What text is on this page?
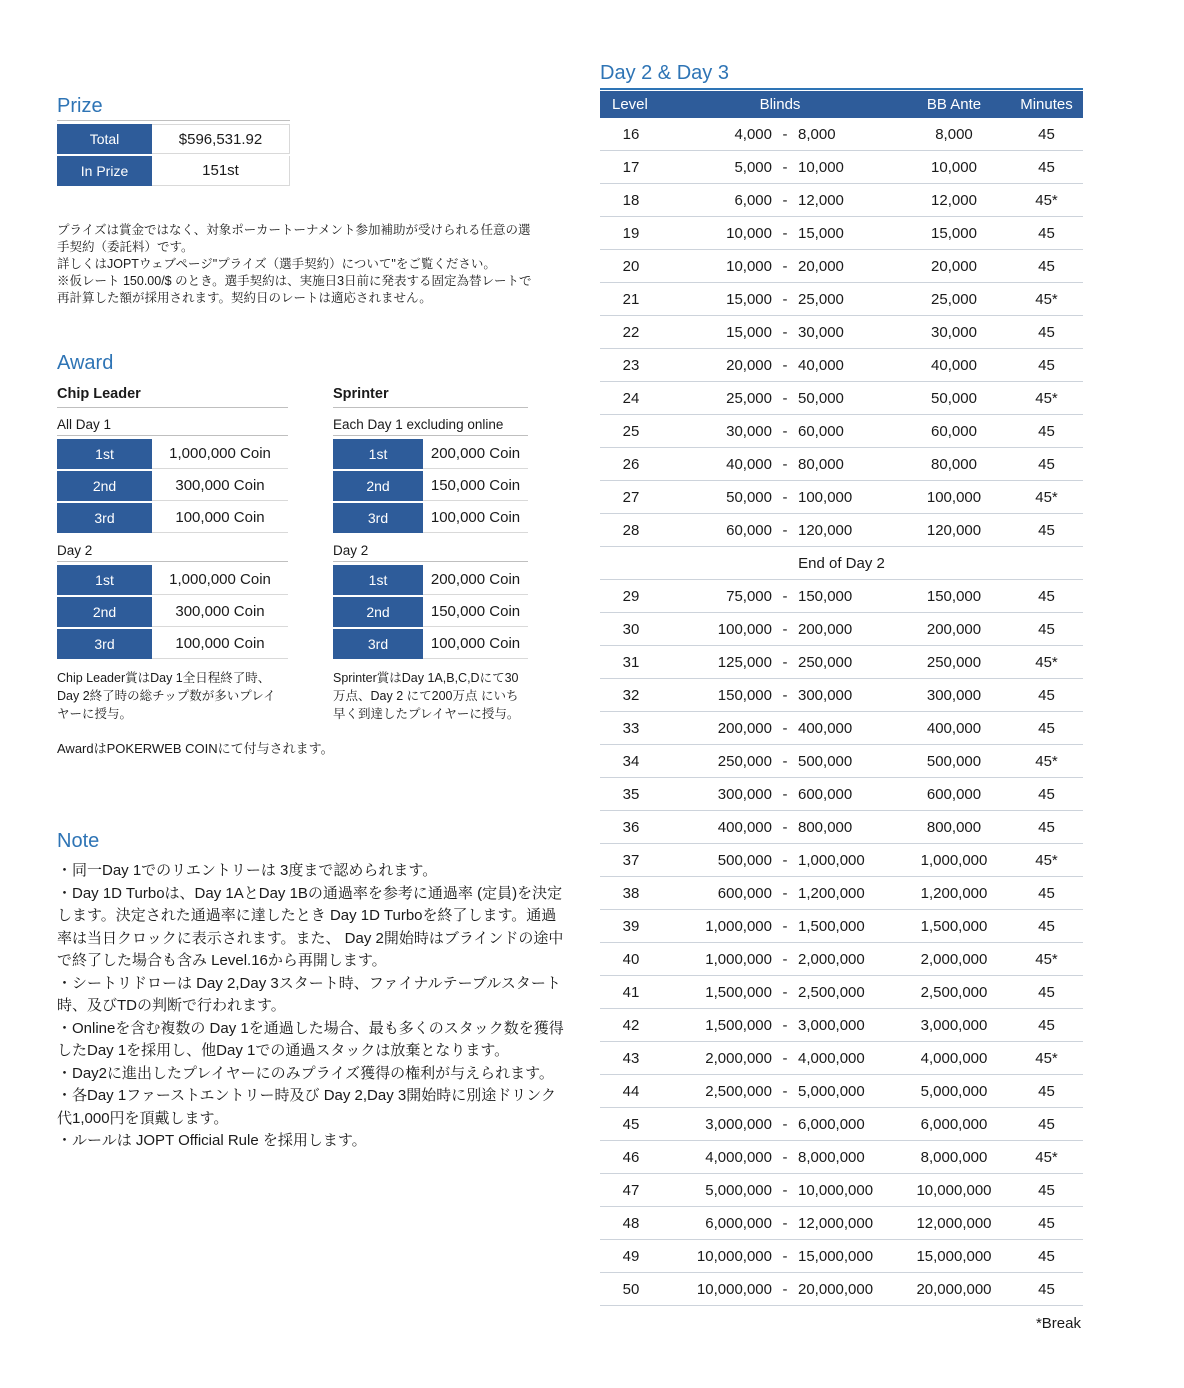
Prize
Total	$596,531.92
In Prize	151st

プライズは賞金ではなく、対象ポーカートーナメント参加補助が受けられる任意の選手契約（委託料）です。

詳しくはJOPTウェブページ"プライズ（選手契約）について"をご覧ください。

※仮レート 150.00/$ のとき。選手契約は、実施日3日前に発表する固定為替レートで再計算した額が採用されます。契約日のレートは適応されません。

Award
Chip Leader
All Day 1
1st	1,000,000 Coin
2nd	300,000 Coin
3rd	100,000 Coin
Day 2
1st	1,000,000 Coin
2nd	300,000 Coin
3rd	100,000 Coin

Chip Leader賞はDay 1全日程終了時、Day 2終了時の総チップ数が多いプレイヤーに授与。

Sprinter
Each Day 1 excluding online
1st	200,000 Coin
2nd	150,000 Coin
3rd	100,000 Coin
Day 2
1st	200,000 Coin
2nd	150,000 Coin
3rd	100,000 Coin

Sprinter賞はDay 1A,B,C,Dにて30万点、Day 2 にて200万点 にいち早く到達したプレイヤーに授与。

AwardはPOKERWEB COINにて付与されます。

Note
・同一Day 1でのリエントリーは 3度まで認められます。
・Day 1D Turboは、Day 1AとDay 1Bの通過率を参考に通過率 (定員)を決定します。決定された通過率に達したとき Day 1D Turboを終了します。通過率は当日クロックに表示されます。また、 Day 2開始時はブラインドの途中で終了した場合も含み Level.16から再開します。
・シートリドローは Day 2,Day 3スタート時、ファイナルテーブルスタート時、及びTDの判断で行われます。
・Onlineを含む複数の Day 1を通過した場合、最も多くのスタック数を獲得したDay 1を採用し、他Day 1での通過スタックは放棄となります。
・Day2に進出したプレイヤーにのみプライズ獲得の権利が与えられます。
・各Day 1ファーストエントリー時及び Day 2,Day 3開始時に別途ドリンク代1,000円を頂戴します。
・ルールは JOPT Official Rule を採用します。
Day 2 & Day 3
Level	Blinds	BB Ante	Minutes
16	4,000 - 8,000	8,000	45
17	5,000 - 10,000	10,000	45
18	6,000 - 12,000	12,000	45*
19	10,000 - 15,000	15,000	45
20	10,000 - 20,000	20,000	45
21	15,000 - 25,000	25,000	45*
22	15,000 - 30,000	30,000	45
23	20,000 - 40,000	40,000	45
24	25,000 - 50,000	50,000	45*
25	30,000 - 60,000	60,000	45
26	40,000 - 80,000	80,000	45
27	50,000 - 100,000	100,000	45*
28	60,000 - 120,000	120,000	45
End of Day 2
29	75,000 - 150,000	150,000	45
30	100,000 - 200,000	200,000	45
31	125,000 - 250,000	250,000	45*
32	150,000 - 300,000	300,000	45
33	200,000 - 400,000	400,000	45
34	250,000 - 500,000	500,000	45*
35	300,000 - 600,000	600,000	45
36	400,000 - 800,000	800,000	45
37	500,000 - 1,000,000	1,000,000	45*
38	600,000 - 1,200,000	1,200,000	45
39	1,000,000 - 1,500,000	1,500,000	45
40	1,000,000 - 2,000,000	2,000,000	45*
41	1,500,000 - 2,500,000	2,500,000	45
42	1,500,000 - 3,000,000	3,000,000	45
43	2,000,000 - 4,000,000	4,000,000	45*
44	2,500,000 - 5,000,000	5,000,000	45
45	3,000,000 - 6,000,000	6,000,000	45
46	4,000,000 - 8,000,000	8,000,000	45*
47	5,000,000 - 10,000,000	10,000,000	45
48	6,000,000 - 12,000,000	12,000,000	45
49	10,000,000 - 15,000,000	15,000,000	45
50	10,000,000 - 20,000,000	20,000,000	45
*Break
